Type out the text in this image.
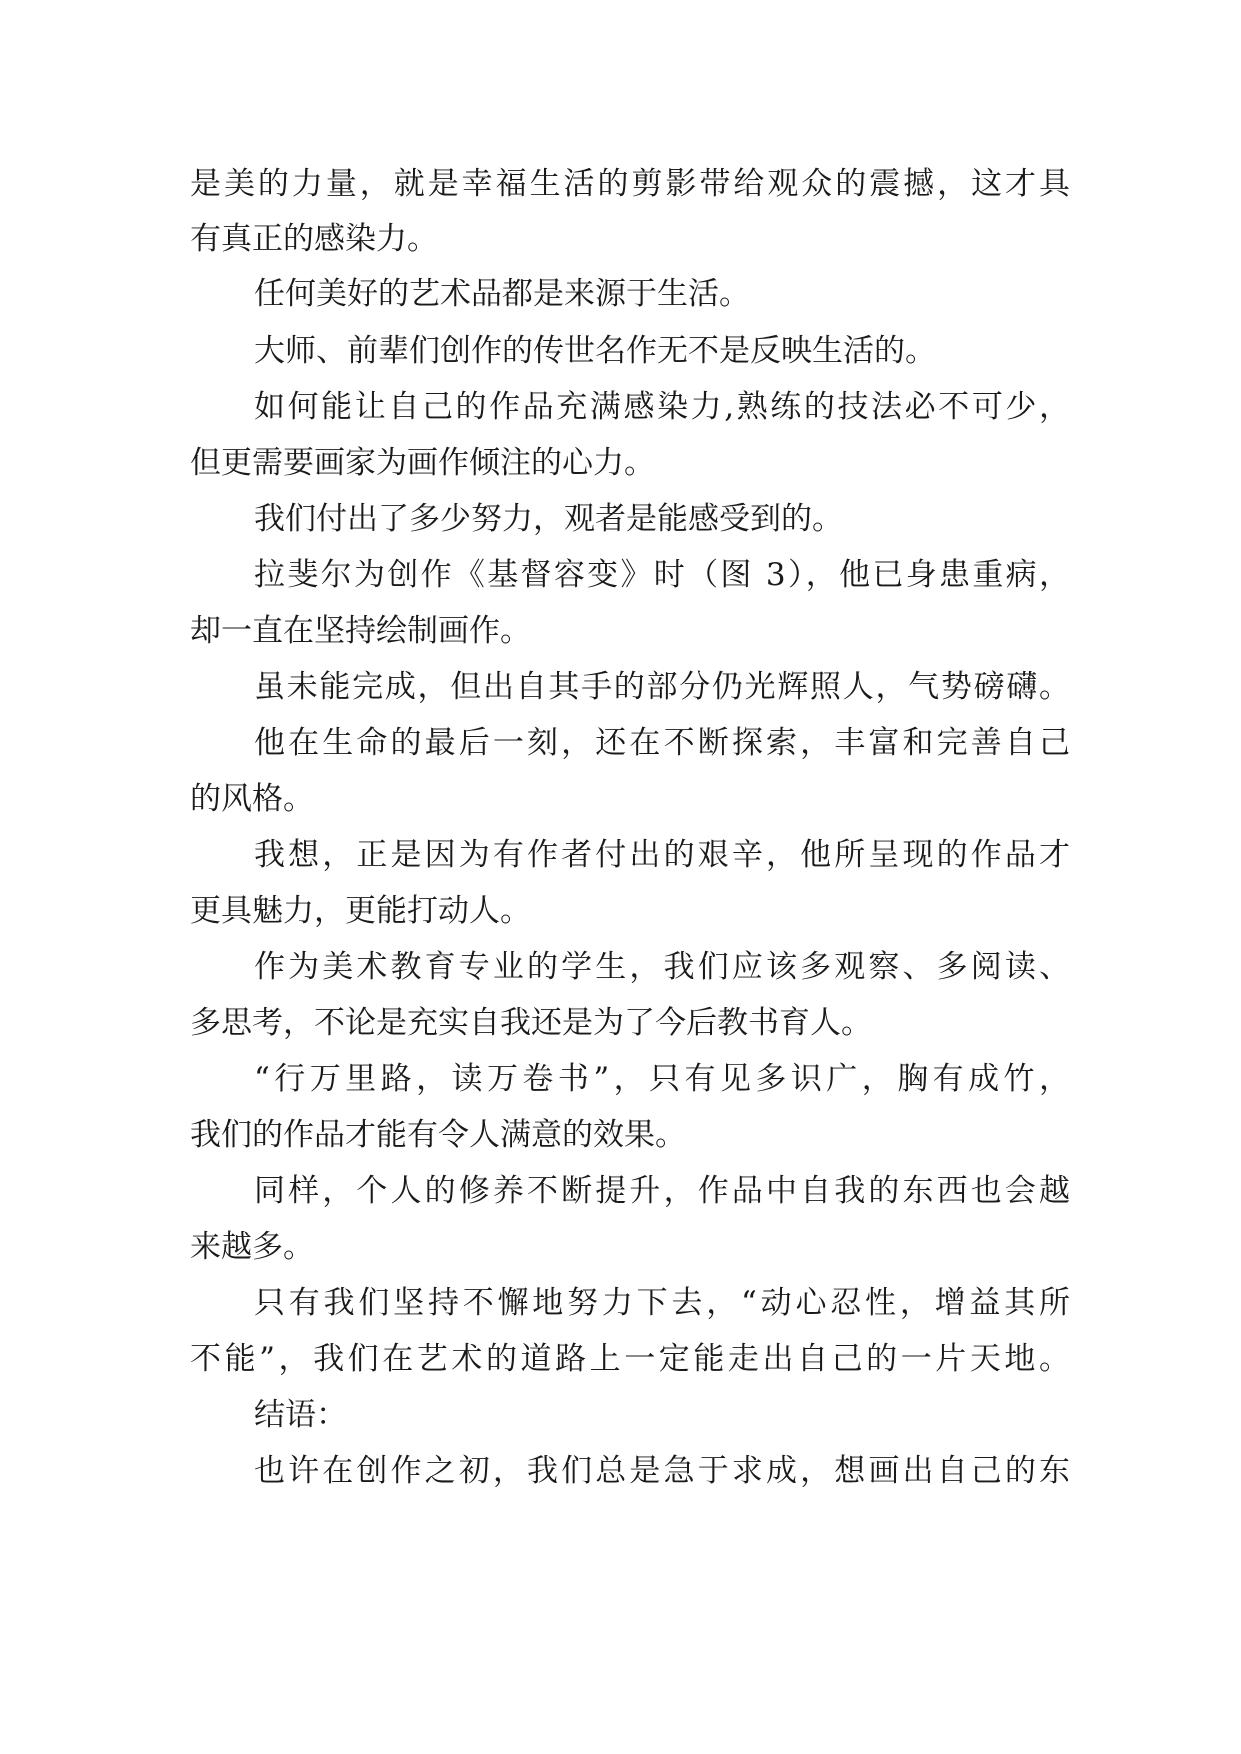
是美的力量，就是幸福生活的剪影带给观众的震撼，这才具
有真正的感染力。
任何美好的艺术品都是来源于生活。
大师、前辈们创作的传世名作无不是反映生活的。
如何能让自己的作品充满感染力,熟练的技法必不可少，
但更需要画家为画作倾注的心力。
我们付出了多少努力，观者是能感受到的。
拉斐尔为创作《基督容变》时（图 3），他已身患重病，
却一直在坚持绘制画作。
虽未能完成，但出自其手的部分仍光辉照人，气势磅礴。
他在生命的最后一刻，还在不断探索，丰富和完善自己
的风格。
我想，正是因为有作者付出的艰辛，他所呈现的作品才
更具魅力，更能打动人。
作为美术教育专业的学生，我们应该多观察、多阅读、
多思考，不论是充实自我还是为了今后教书育人。
“行万里路，读万卷书”，只有见多识广，胸有成竹，
我们的作品才能有令人满意的效果。
同样，个人的修养不断提升，作品中自我的东西也会越
来越多。
只有我们坚持不懈地努力下去，“动心忍性，增益其所
不能”，我们在艺术的道路上一定能走出自己的一片天地。
结语：
也许在创作之初，我们总是急于求成，想画出自己的东
